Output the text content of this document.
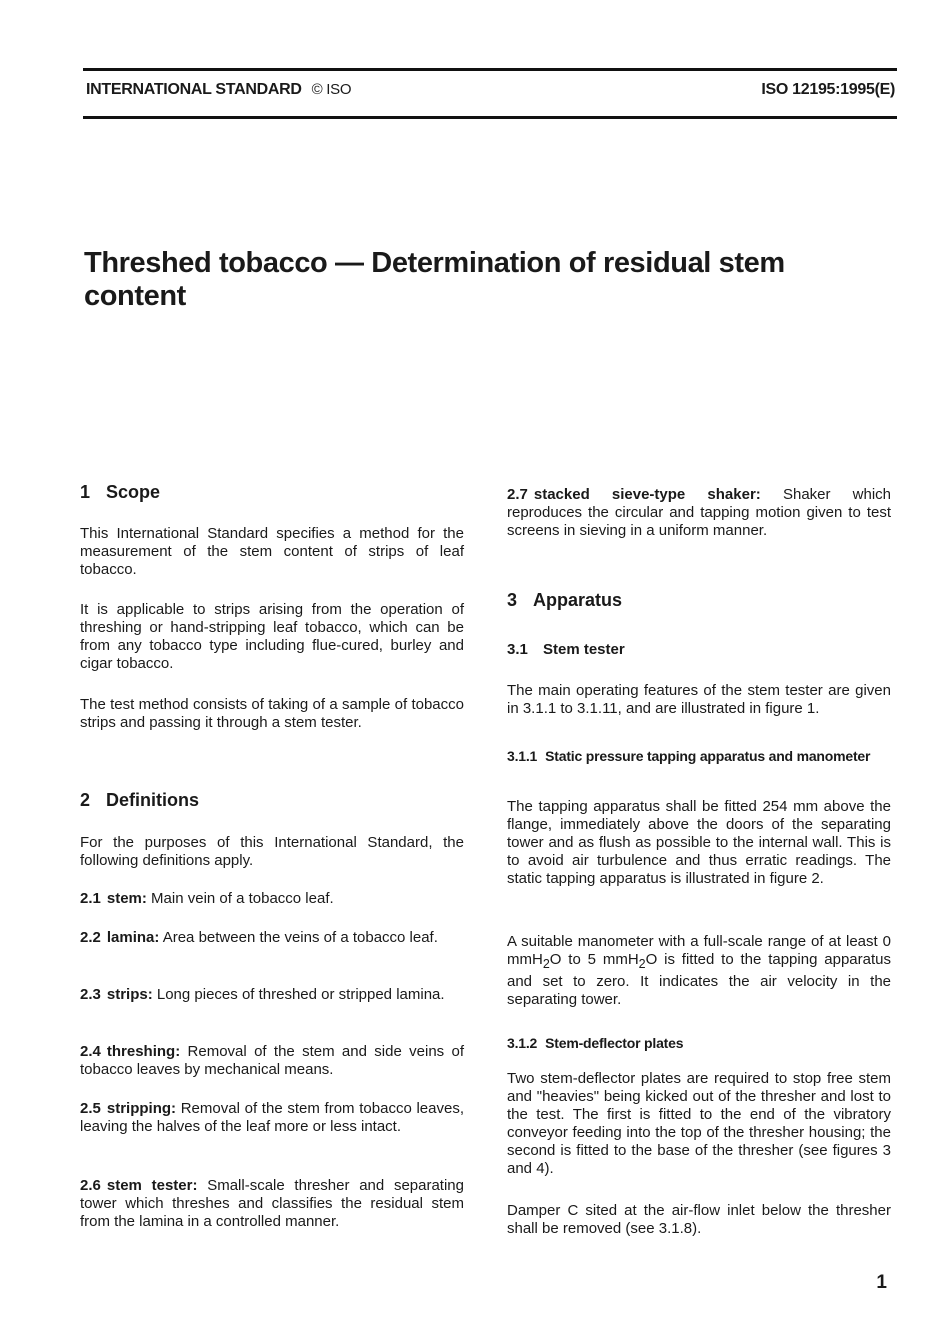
INTERNATIONAL STANDARD © ISO	ISO 12195:1995(E)
Threshed tobacco — Determination of residual stem content
1 Scope

This International Standard specifies a method for the measurement of the stem content of strips of leaf tobacco.

It is applicable to strips arising from the operation of threshing or hand-stripping leaf tobacco, which can be from any tobacco type including flue-cured, burley and cigar tobacco.

The test method consists of taking of a sample of tobacco strips and passing it through a stem tester.

2 Definitions

For the purposes of this International Standard, the following definitions apply.

2.1 stem: Main vein of a tobacco leaf.

2.2 lamina: Area between the veins of a tobacco leaf.

2.3 strips: Long pieces of threshed or stripped lamina.

2.4 threshing: Removal of the stem and side veins of tobacco leaves by mechanical means.

2.5 stripping: Removal of the stem from tobacco leaves, leaving the halves of the leaf more or less intact.

2.6 stem tester: Small-scale thresher and separating tower which threshes and classifies the residual stem from the lamina in a controlled manner.

2.7 stacked sieve-type shaker: Shaker which reproduces the circular and tapping motion given to test screens in sieving in a uniform manner.

3 Apparatus
3.1 Stem tester

The main operating features of the stem tester are given in 3.1.1 to 3.1.11, and are illustrated in figure 1.

3.1.1 Static pressure tapping apparatus and manometer

The tapping apparatus shall be fitted 254 mm above the flange, immediately above the doors of the separating tower and as flush as possible to the internal wall. This is to avoid air turbulence and thus erratic readings. The static tapping apparatus is illustrated in figure 2.

A suitable manometer with a full-scale range of at least 0 mmH$_2$O to 5 mmH$_2$O is fitted to the tapping apparatus and set to zero. It indicates the air velocity in the separating tower.

3.1.2 Stem-deflector plates

Two stem-deflector plates are required to stop free stem and "heavies" being kicked out of the thresher and lost to the test. The first is fitted to the end of the vibratory conveyor feeding into the top of the thresher housing; the second is fitted to the base of the thresher (see figures 3 and 4).

Damper C sited at the air-flow inlet below the thresher shall be removed (see 3.1.8).

1
